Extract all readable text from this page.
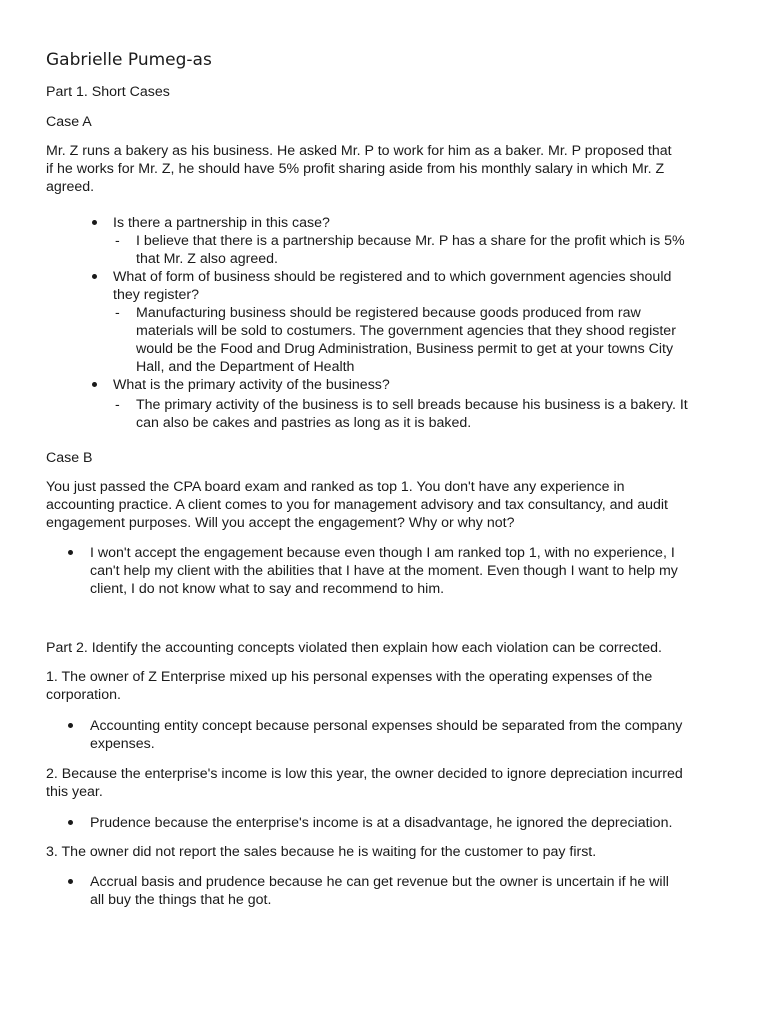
Gabrielle Pumeg-as
Part 1. Short Cases
Case A
Mr. Z runs a bakery as his business. He asked Mr. P to work for him as a baker. Mr. P proposed that
if he works for Mr. Z, he should have 5% profit sharing aside from his monthly salary in which Mr. Z
agreed.
Is there a partnership in this case?
- I believe that there is a partnership because Mr. P has a share for the profit which is 5%
that Mr. Z also agreed.
What of form of business should be registered and to which government agencies should
they register?
- Manufacturing business should be registered because goods produced from raw
materials will be sold to costumers. The government agencies that they shood register
would be the Food and Drug Administration, Business permit to get at your towns City
Hall, and the Department of Health
What is the primary activity of the business?
- The primary activity of the business is to sell breads because his business is a bakery. It
can also be cakes and pastries as long as it is baked.
Case B
You just passed the CPA board exam and ranked as top 1. You don't have any experience in
accounting practice. A client comes to you for management advisory and tax consultancy, and audit
engagement purposes. Will you accept the engagement? Why or why not?
I won't accept the engagement because even though I am ranked top 1, with no experience, I
can't help my client with the abilities that I have at the moment. Even though I want to help my
client, I do not know what to say and recommend to him.
Part 2. Identify the accounting concepts violated then explain how each violation can be corrected.
1. The owner of Z Enterprise mixed up his personal expenses with the operating expenses of the
corporation.
Accounting entity concept because personal expenses should be separated from the company
expenses.
2. Because the enterprise's income is low this year, the owner decided to ignore depreciation incurred
this year.
Prudence because the enterprise's income is at a disadvantage, he ignored the depreciation.
3. The owner did not report the sales because he is waiting for the customer to pay first.
Accrual basis and prudence because he can get revenue but the owner is uncertain if he will
all buy the things that he got.
